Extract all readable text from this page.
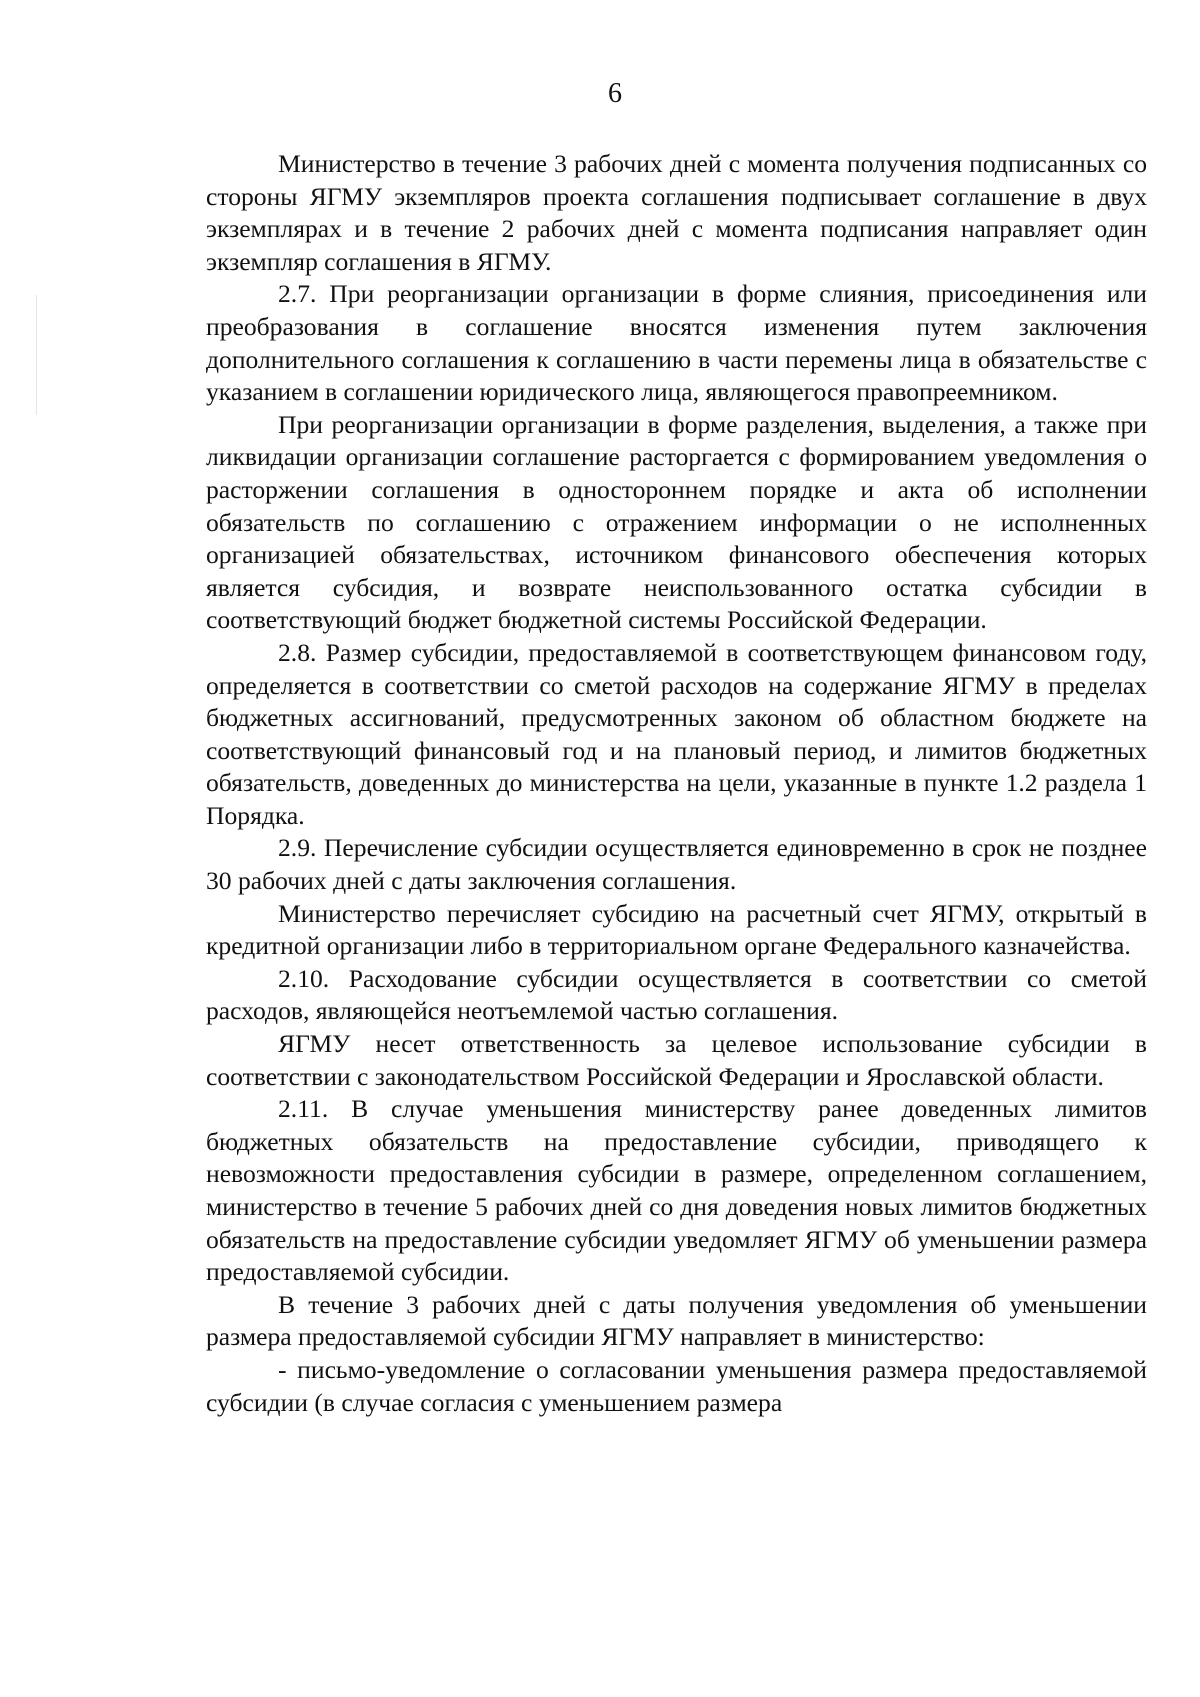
6

Министерство в течение 3 рабочих дней с момента получения подписанных со стороны ЯГМУ экземпляров проекта соглашения подписывает соглашение в двух экземплярах и в течение 2 рабочих дней с момента подписания направляет один экземпляр соглашения в ЯГМУ.

2.7. При реорганизации организации в форме слияния, присоединения или преобразования в соглашение вносятся изменения путем заключения дополнительного соглашения к соглашению в части перемены лица в обязательстве с указанием в соглашении юридического лица, являющегося правопреемником.

При реорганизации организации в форме разделения, выделения, а также при ликвидации организации соглашение расторгается с формированием уведомления о расторжении соглашения в одностороннем порядке и акта об исполнении обязательств по соглашению с отражением информации о не исполненных организацией обязательствах, источником финансового обеспечения которых является субсидия, и возврате неиспользованного остатка субсидии в соответствующий бюджет бюджетной системы Российской Федерации.

2.8. Размер субсидии, предоставляемой в соответствующем финансовом году, определяется в соответствии со сметой расходов на содержание ЯГМУ в пределах бюджетных ассигнований, предусмотренных законом об областном бюджете на соответствующий финансовый год и на плановый период, и лимитов бюджетных обязательств, доведенных до министерства на цели, указанные в пункте 1.2 раздела 1 Порядка.

2.9. Перечисление субсидии осуществляется единовременно в срок не позднее 30 рабочих дней с даты заключения соглашения.

Министерство перечисляет субсидию на расчетный счет ЯГМУ, открытый в кредитной организации либо в территориальном органе Федерального казначейства.

2.10. Расходование субсидии осуществляется в соответствии со сметой расходов, являющейся неотъемлемой частью соглашения.

ЯГМУ несет ответственность за целевое использование субсидии в соответствии с законодательством Российской Федерации и Ярославской области.

2.11. В случае уменьшения министерству ранее доведенных лимитов бюджетных обязательств на предоставление субсидии, приводящего к невозможности предоставления субсидии в размере, определенном соглашением, министерство в течение 5 рабочих дней со дня доведения новых лимитов бюджетных обязательств на предоставление субсидии уведомляет ЯГМУ об уменьшении размера предоставляемой субсидии.

В течение 3 рабочих дней с даты получения уведомления об уменьшении размера предоставляемой субсидии ЯГМУ направляет в министерство:

- письмо-уведомление о согласовании уменьшения размера предоставляемой субсидии (в случае согласия с уменьшением размера
